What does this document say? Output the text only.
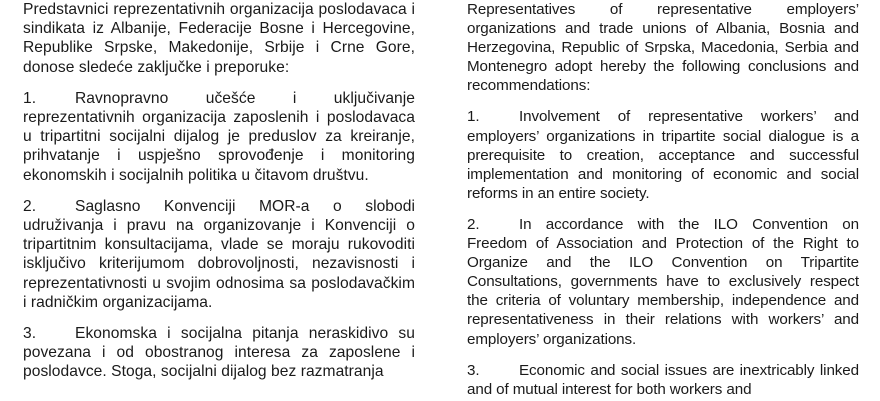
Predstavnici reprezentativnih organizacija poslodavaca i sindikata iz Albanije, Federacije Bosne i Hercegovine, Republike Srpske, Makedonije, Srbije i Crne Gore, donose sledeće zaključke i preporuke:

1. Ravnopravno učešće i uključivanje reprezentativnih organizacija zaposlenih i poslodavaca u tripartitni socijalni dijalog je preduslov za kreiranje, prihvatanje i uspješno sprovođenje i monitoring ekonomskih i socijalnih politika u čitavom društvu.

2. Saglasno Konvenciji MOR-a o slobodi udruživanja i pravu na organizovanje i Konvenciji o tripartitnim konsultacijama, vlade se moraju rukovoditi isključivo kriterijumom dobrovoljnosti, nezavisnosti i reprezentativnosti u svojim odnosima sa poslodavačkim i radničkim organizacijama.

3. Ekonomska i socijalna pitanja neraskidivo su povezana i od obostranog interesa za zaposlene i poslodavce. Stoga, socijalni dijalog bez razmatranja

Representatives of representative employers’ organizations and trade unions of Albania, Bosnia and Herzegovina, Republic of Srpska, Macedonia, Serbia and Montenegro adopt hereby the following conclusions and recommendations:

1.	Involvement of representative workers’ and employers’ organizations in tripartite social dialogue is a prerequisite to creation, acceptance and successful implementation and monitoring of economic and social reforms in an entire society.

2.	In accordance with the ILO Convention on Freedom of Association and Protection of the Right to Organize and the ILO Convention on Tripartite Consultations, governments have to exclusively respect the criteria of voluntary membership, independence and representativeness in their relations with workers’ and employers’ organizations.

3.	Economic and social issues are inextricably linked and of mutual interest for both workers and
